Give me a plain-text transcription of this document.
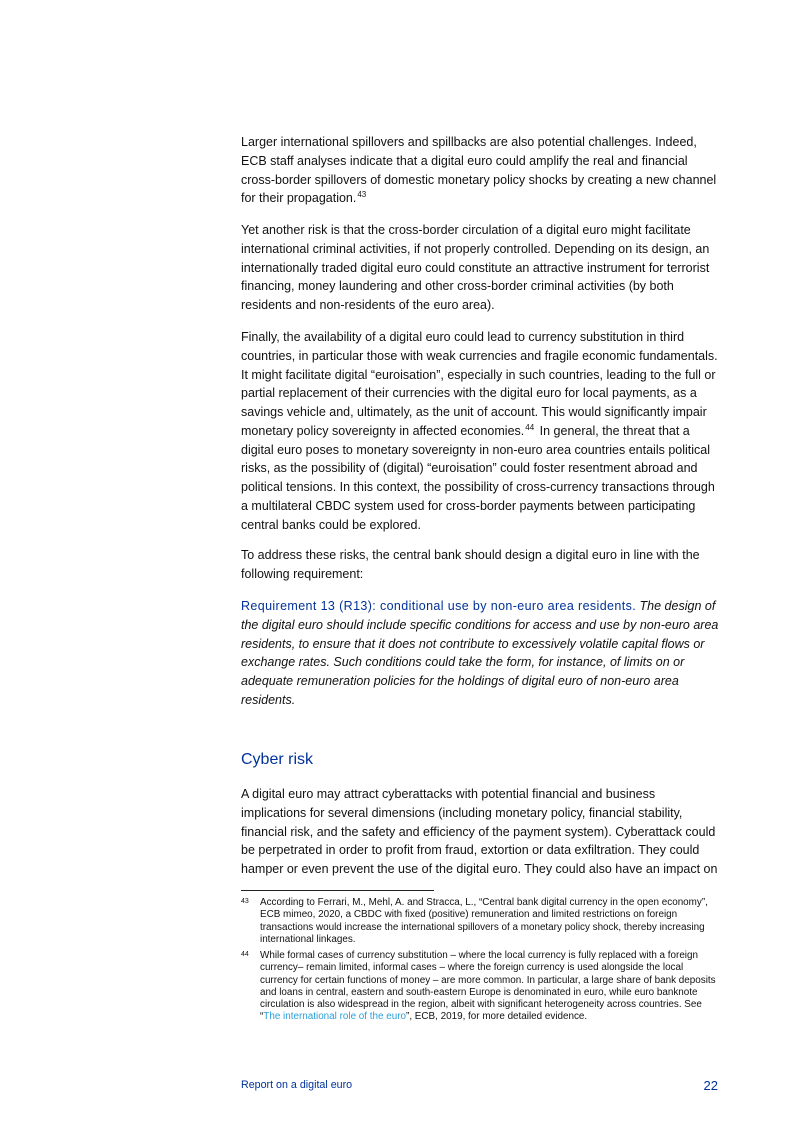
Larger international spillovers and spillbacks are also potential challenges. Indeed,
ECB staff analyses indicate that a digital euro could amplify the real and financial
cross-border spillovers of domestic monetary policy shocks by creating a new channel
for their propagation.$^{43}$
Yet another risk is that the cross-border circulation of a digital euro might facilitate
international criminal activities, if not properly controlled. Depending on its design, an
internationally traded digital euro could constitute an attractive instrument for terrorist
financing, money laundering and other cross-border criminal activities (by both
residents and non-residents of the euro area).
Finally, the availability of a digital euro could lead to currency substitution in third
countries, in particular those with weak currencies and fragile economic fundamentals.
It might facilitate digital “euroisation”, especially in such countries, leading to the full or
partial replacement of their currencies with the digital euro for local payments, as a
savings vehicle and, ultimately, as the unit of account. This would significantly impair
monetary policy sovereignty in affected economies.$^{44}$ In general, the threat that a
digital euro poses to monetary sovereignty in non-euro area countries entails political
risks, as the possibility of (digital) “euroisation” could foster resentment abroad and
political tensions. In this context, the possibility of cross-currency transactions through
a multilateral CBDC system used for cross-border payments between participating
central banks could be explored.
To address these risks, the central bank should design a digital euro in line with the
following requirement:
Requirement 13 (R13): conditional use by non-euro area residents. The design of
the digital euro should include specific conditions for access and use by non-euro area
residents, to ensure that it does not contribute to excessively volatile capital flows or
exchange rates. Such conditions could take the form, for instance, of limits on or
adequate remuneration policies for the holdings of digital euro of non-euro area
residents.
Cyber risk
A digital euro may attract cyberattacks with potential financial and business
implications for several dimensions (including monetary policy, financial stability,
financial risk, and the safety and efficiency of the payment system). Cyberattack could
be perpetrated in order to profit from fraud, extortion or data exfiltration. They could
hamper or even prevent the use of the digital euro. They could also have an impact on
43 According to Ferrari, M., Mehl, A. and Stracca, L., “Central bank digital currency in the open economy”,
ECB mimeo, 2020, a CBDC with fixed (positive) remuneration and limited restrictions on foreign
transactions would increase the international spillovers of a monetary policy shock, thereby increasing
international linkages.
44 While formal cases of currency substitution – where the local currency is fully replaced with a foreign
currency– remain limited, informal cases – where the foreign currency is used alongside the local
currency for certain functions of money – are more common. In particular, a large share of bank deposits
and loans in central, eastern and south-eastern Europe is denominated in euro, while euro banknote
circulation is also widespread in the region, albeit with significant heterogeneity across countries. See
“The international role of the euro”, ECB, 2019, for more detailed evidence.
Report on a digital euro	22
